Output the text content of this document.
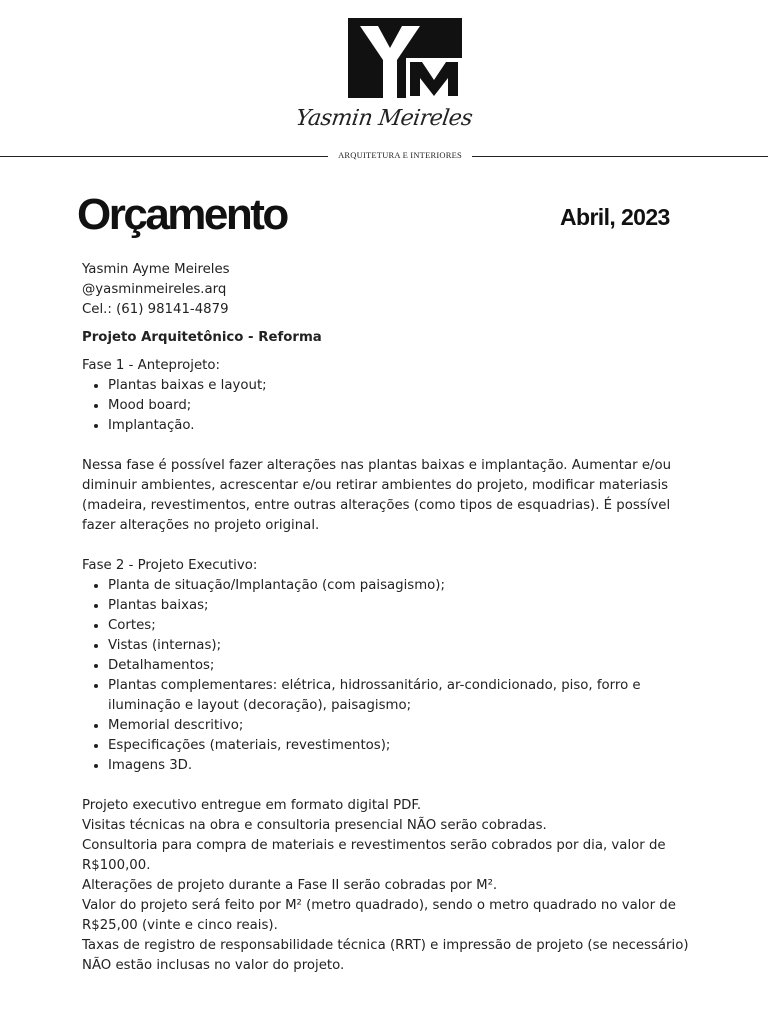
Yasmin Meireles
ARQUITETURA E INTERIORES
Orçamento	Abril, 2023

Yasmin Ayme Meireles

@yasminmeireles.arq

Cel.: (61) 98141-4879

Projeto Arquitetônico - Reforma

Fase 1 - Anteprojeto:

• Plantas baixas e layout;
• Mood board;
• Implantação.

Nessa fase é possível fazer alterações nas plantas baixas e implantação. Aumentar e/ou diminuir ambientes, acrescentar e/ou retirar ambientes do projeto, modificar materiasis (madeira, revestimentos, entre outras alterações (como tipos de esquadrias). É possível fazer alterações no projeto original.

Fase 2 - Projeto Executivo:

• Planta de situação/Implantação (com paisagismo);
• Plantas baixas;
• Cortes;
• Vistas (internas);
• Detalhamentos;
• Plantas complementares: elétrica, hidrossanitário, ar-condicionado, piso, forro e iluminação e layout (decoração), paisagismo;
• Memorial descritivo;
• Especificações (materiais, revestimentos);
• Imagens 3D.

Projeto executivo entregue em formato digital PDF.

Visitas técnicas na obra e consultoria presencial NÃO serão cobradas.

Consultoria para compra de materiais e revestimentos serão cobrados por dia, valor de R$100,00.

Alterações de projeto durante a Fase II serão cobradas por M².

Valor do projeto será feito por M² (metro quadrado), sendo o metro quadrado no valor de R$25,00 (vinte e cinco reais).

Taxas de registro de responsabilidade técnica (RRT) e impressão de projeto (se necessário) NÃO estão inclusas no valor do projeto.
